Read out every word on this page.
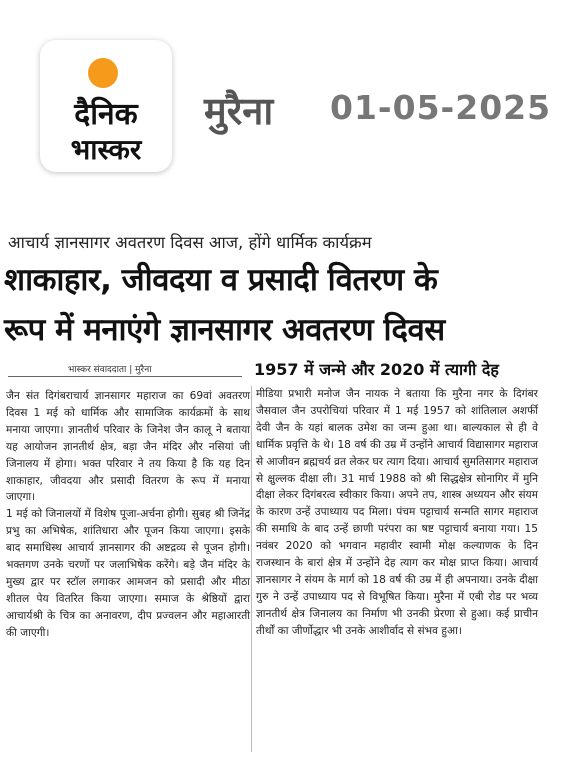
दैनिक
भास्कर
मुरैना 01-05-2025
आचार्य ज्ञानसागर अवतरण दिवस आज, होंगे धार्मिक कार्यक्रम
शाकाहार, जीवदया व प्रसादी वितरण के
रूप में मनाएंगे ज्ञानसागर अवतरण दिवस
भास्कर संवाददाता | मुरैना	1957 में जन्मे और 2020 में त्यागी देह

जैन संत दिगंबराचार्य ज्ञानसागर महाराज का 69वां अवतरण दिवस 1 मई को धार्मिक और सामाजिक कार्यक्रमों के साथ मनाया जाएगा। ज्ञानतीर्थ परिवार के जिनेश जैन कालू ने बताया यह आयोजन ज्ञानतीर्थ क्षेत्र, बड़ा जैन मंदिर और नसियां जी जिनालय में होगा। भक्त परिवार ने तय किया है कि यह दिन शाकाहार, जीवदया और प्रसादी वितरण के रूप में मनाया जाएगा।

1 मई को जिनालयों में विशेष पूजा-अर्चना होगी। सुबह श्री जिनेंद्र प्रभु का अभिषेक, शांतिधारा और पूजन किया जाएगा। इसके बाद समाधिस्थ आचार्य ज्ञानसागर की अष्टद्रव्य से पूजन होगी। भक्तगण उनके चरणों पर जलाभिषेक करेंगे। बड़े जैन मंदिर के मुख्य द्वार पर स्टॉल लगाकर आमजन को प्रसादी और मीठा शीतल पेय वितरित किया जाएगा। समाज के श्रेष्ठियों द्वारा आचार्यश्री के चित्र का अनावरण, दीप प्रज्वलन और महाआरती की जाएगी।

मीडिया प्रभारी मनोज जैन नायक ने बताया कि मुरैना नगर के दिगंबर जैसवाल जैन उपरोचियां परिवार में 1 मई 1957 को शांतिलाल अशर्फी देवी जैन के यहां बालक उमेश का जन्म हुआ था। बाल्यकाल से ही वे धार्मिक प्रवृत्ति के थे। 18 वर्ष की उम्र में उन्होंने आचार्य विद्यासागर महाराज से आजीवन ब्रह्मचर्य व्रत लेकर घर त्याग दिया। आचार्य सुमतिसागर महाराज से क्षुल्लक दीक्षा ली। 31 मार्च 1988 को श्री सिद्धक्षेत्र सोनागिर में मुनि दीक्षा लेकर दिगंबरत्व स्वीकार किया। अपने तप, शास्त्र अध्ययन और संयम के कारण उन्हें उपाध्याय पद मिला। पंचम पट्टाचार्य सन्मति सागर महाराज की समाधि के बाद उन्हें छाणी परंपरा का षष्ट पट्टाचार्य बनाया गया। 15 नवंबर 2020 को भगवान महावीर स्वामी मोक्ष कल्याणक के दिन राजस्थान के बारां क्षेत्र में उन्होंने देह त्याग कर मोक्ष प्राप्त किया। आचार्य ज्ञानसागर ने संयम के मार्ग को 18 वर्ष की उम्र में ही अपनाया। उनके दीक्षा गुरु ने उन्हें उपाध्याय पद से विभूषित किया। मुरैना में एबी रोड पर भव्य ज्ञानतीर्थ क्षेत्र जिनालय का निर्माण भी उनकी प्रेरणा से हुआ। कई प्राचीन तीर्थों का जीर्णोद्धार भी उनके आशीर्वाद से संभव हुआ।
